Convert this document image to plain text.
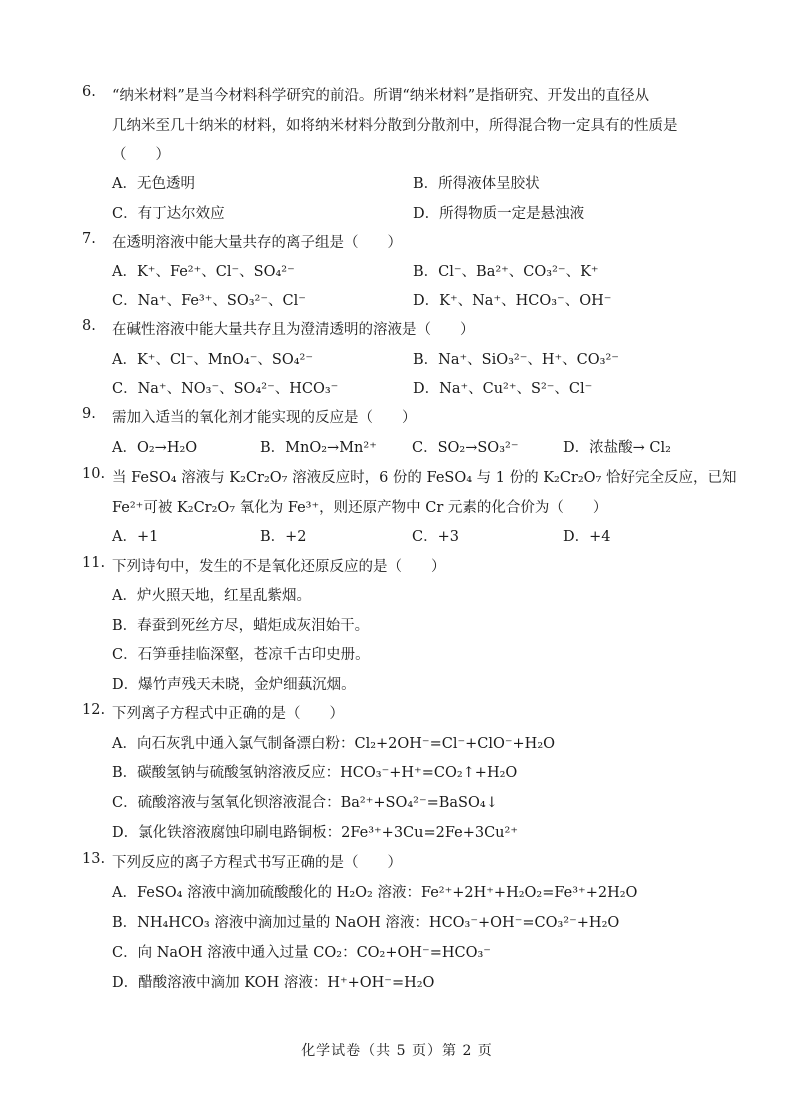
6. “纳米材料”是当今材料科学研究的前沿。所谓“纳米材料”是指研究、开发出的直径从
几纳米至几十纳米的材料，如将纳米材料分散到分散剂中，所得混合物一定具有的性质是
（　　）
A．无色透明	B．所得液体呈胶状
C．有丁达尔效应	D．所得物质一定是悬浊液
7. 在透明溶液中能大量共存的离子组是（　　）
A．K⁺、Fe²⁺、Cl⁻、SO₄²⁻	B．Cl⁻、Ba²⁺、CO₃²⁻、K⁺
C．Na⁺、Fe³⁺、SO₃²⁻、Cl⁻	D．K⁺、Na⁺、HCO₃⁻、OH⁻
8. 在碱性溶液中能大量共存且为澄清透明的溶液是（　　）
A．K⁺、Cl⁻、MnO₄⁻、SO₄²⁻	B．Na⁺、SiO₃²⁻、H⁺、CO₃²⁻
C．Na⁺、NO₃⁻、SO₄²⁻、HCO₃⁻	D．Na⁺、Cu²⁺、S²⁻、Cl⁻
9. 需加入适当的氧化剂才能实现的反应是（　　）
A．O₂→H₂O	B．MnO₂→Mn²⁺ C．SO₂→SO₃²⁻	D．浓盐酸→ Cl₂
10. 当 FeSO₄ 溶液与 K₂Cr₂O₇ 溶液反应时，6 份的 FeSO₄ 与 1 份的 K₂Cr₂O₇ 恰好完全反应，已知
Fe²⁺可被 K₂Cr₂O₇ 氧化为 Fe³⁺，则还原产物中 Cr 元素的化合价为（　　）
A．+1	B．+2	C．+3	D．+4
11. 下列诗句中，发生的不是氧化还原反应的是（　　）
A．炉火照天地，红星乱紫烟。
B．春蚕到死丝方尽，蜡炬成灰泪始干。
C．石笋垂挂临深壑，苍凉千古印史册。
D．爆竹声残天未晓，金炉细蓺沉烟。
12. 下列离子方程式中正确的是（　　）
A．向石灰乳中通入氯气制备漂白粉：Cl₂+2OH⁻=Cl⁻+ClO⁻+H₂O
B．碳酸氢钠与硫酸氢钠溶液反应：HCO₃⁻+H⁺=CO₂↑+H₂O
C．硫酸溶液与氢氧化钡溶液混合：Ba²⁺+SO₄²⁻=BaSO₄↓
D．氯化铁溶液腐蚀印刷电路铜板：2Fe³⁺+3Cu=2Fe+3Cu²⁺
13. 下列反应的离子方程式书写正确的是（　　）
A．FeSO₄ 溶液中滴加硫酸酸化的 H₂O₂ 溶液：Fe²⁺+2H⁺+H₂O₂=Fe³⁺+2H₂O
B．NH₄HCO₃ 溶液中滴加过量的 NaOH 溶液：HCO₃⁻+OH⁻=CO₃²⁻+H₂O
C．向 NaOH 溶液中通入过量 CO₂：CO₂+OH⁻=HCO₃⁻
D．醋酸溶液中滴加 KOH 溶液：H⁺+OH⁻=H₂O
化学试卷（共 5 页）第 2 页
